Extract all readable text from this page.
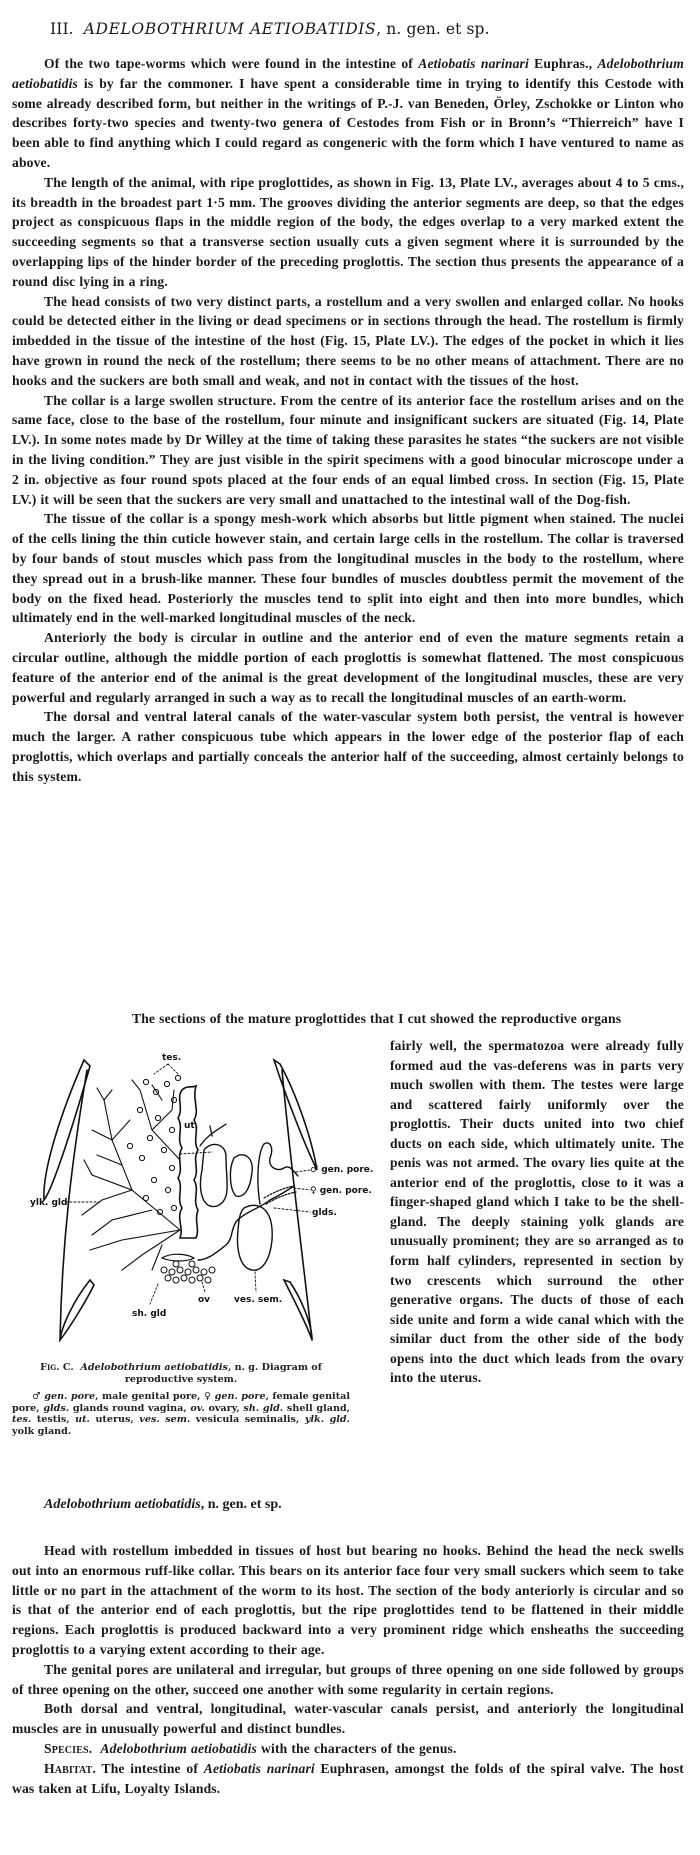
III. ADELOBOTHRIUM AETIOBATIDIS, n. gen. et sp.

Of the two tape-worms which were found in the intestine of Aetiobatis narinari Euphras., Adelobothrium aetiobatidis is by far the commoner. I have spent a considerable time in trying to identify this Cestode with some already described form, but neither in the writings of P.-J. van Beneden, Örley, Zschokke or Linton who describes forty-two species and twenty-two genera of Cestodes from Fish or in Bronn’s “Thierreich” have I been able to find anything which I could regard as congeneric with the form which I have ventured to name as above.

The length of the animal, with ripe proglottides, as shown in Fig. 13, Plate LV., averages about 4 to 5 cms., its breadth in the broadest part 1·5 mm. The grooves dividing the anterior segments are deep, so that the edges project as conspicuous flaps in the middle region of the body, the edges overlap to a very marked extent the succeeding segments so that a transverse section usually cuts a given segment where it is surrounded by the overlapping lips of the hinder border of the preceding proglottis. The section thus presents the appearance of a round disc lying in a ring.

The head consists of two very distinct parts, a rostellum and a very swollen and enlarged collar. No hooks could be detected either in the living or dead specimens or in sections through the head. The rostellum is firmly imbedded in the tissue of the intestine of the host (Fig. 15, Plate LV.). The edges of the pocket in which it lies have grown in round the neck of the rostellum; there seems to be no other means of attachment. There are no hooks and the suckers are both small and weak, and not in contact with the tissues of the host.

The collar is a large swollen structure. From the centre of its anterior face the rostellum arises and on the same face, close to the base of the rostellum, four minute and insignificant suckers are situated (Fig. 14, Plate LV.). In some notes made by Dr Willey at the time of taking these parasites he states “the suckers are not visible in the living condition.” They are just visible in the spirit specimens with a good binocular microscope under a 2 in. objective as four round spots placed at the four ends of an equal limbed cross. In section (Fig. 15, Plate LV.) it will be seen that the suckers are very small and unattached to the intestinal wall of the Dog-fish.

The tissue of the collar is a spongy mesh-work which absorbs but little pigment when stained. The nuclei of the cells lining the thin cuticle however stain, and certain large cells in the rostellum. The collar is traversed by four bands of stout muscles which pass from the longitudinal muscles in the body to the rostellum, where they spread out in a brush-like manner. These four bundles of muscles doubtless permit the movement of the body on the fixed head. Posteriorly the muscles tend to split into eight and then into more bundles, which ultimately end in the well-marked longitudinal muscles of the neck.

Anteriorly the body is circular in outline and the anterior end of even the mature segments retain a circular outline, although the middle portion of each proglottis is somewhat flattened. The most conspicuous feature of the anterior end of the animal is the great development of the longitudinal muscles, these are very powerful and regularly arranged in such a way as to recall the longitudinal muscles of an earth-worm.

The dorsal and ventral lateral canals of the water-vascular system both persist, the ventral is however much the larger. A rather conspicuous tube which appears in the lower edge of the posterior flap of each proglottis, which overlaps and partially conceals the anterior half of the succeeding, almost certainly belongs to this system.

The sections of the mature proglottides that I cut showed the reproductive organs

tes.
ut.
♂ gen. pore.
♀ gen. pore.
glds.
ylk. gld
ves. sem.
ov
sh. gld
Fig. C. Adelobothrium aetiobatidis, n. g. Diagram of reproductive system.
♂ gen. pore, male genital pore, ♀ gen. pore, female genital pore, glds. glands round vagina, ov. ovary, sh. gld. shell gland, tes. testis, ut. uterus, ves. sem. vesicula seminalis, ylk. gld. yolk gland.

fairly well, the spermatozoa were already fully formed aud the vas-deferens was in parts very much swollen with them. The testes were large and scattered fairly uniformly over the proglottis. Their ducts united into two chief ducts on each side, which ultimately unite. The penis was not armed. The ovary lies quite at the anterior end of the proglottis, close to it was a finger-shaped gland which I take to be the shell-gland. The deeply staining yolk glands are unusually prominent; they are so arranged as to form half cylinders, represented in section by two crescents which surround the other generative organs. The ducts of those of each side unite and form a wide canal which with the similar duct from the other side of the body opens into the duct which leads from the ovary into the uterus.

Adelobothrium aetiobatidis, n. gen. et sp.

Head with rostellum imbedded in tissues of host but bearing no hooks. Behind the head the neck swells out into an enormous ruff-like collar. This bears on its anterior face four very small suckers which seem to take little or no part in the attachment of the worm to its host. The section of the body anteriorly is circular and so is that of the anterior end of each proglottis, but the ripe proglottides tend to be flattened in their middle regions. Each proglottis is produced backward into a very prominent ridge which ensheaths the succeeding proglottis to a varying extent according to their age.

The genital pores are unilateral and irregular, but groups of three opening on one side followed by groups of three opening on the other, succeed one another with some regularity in certain regions.

Both dorsal and ventral, longitudinal, water-vascular canals persist, and anteriorly the longitudinal muscles are in unusually powerful and distinct bundles.

Species. Adelobothrium aetiobatidis with the characters of the genus.

Habitat. The intestine of Aetiobatis narinari Euphrasen, amongst the folds of the spiral valve. The host was taken at Lifu, Loyalty Islands.
